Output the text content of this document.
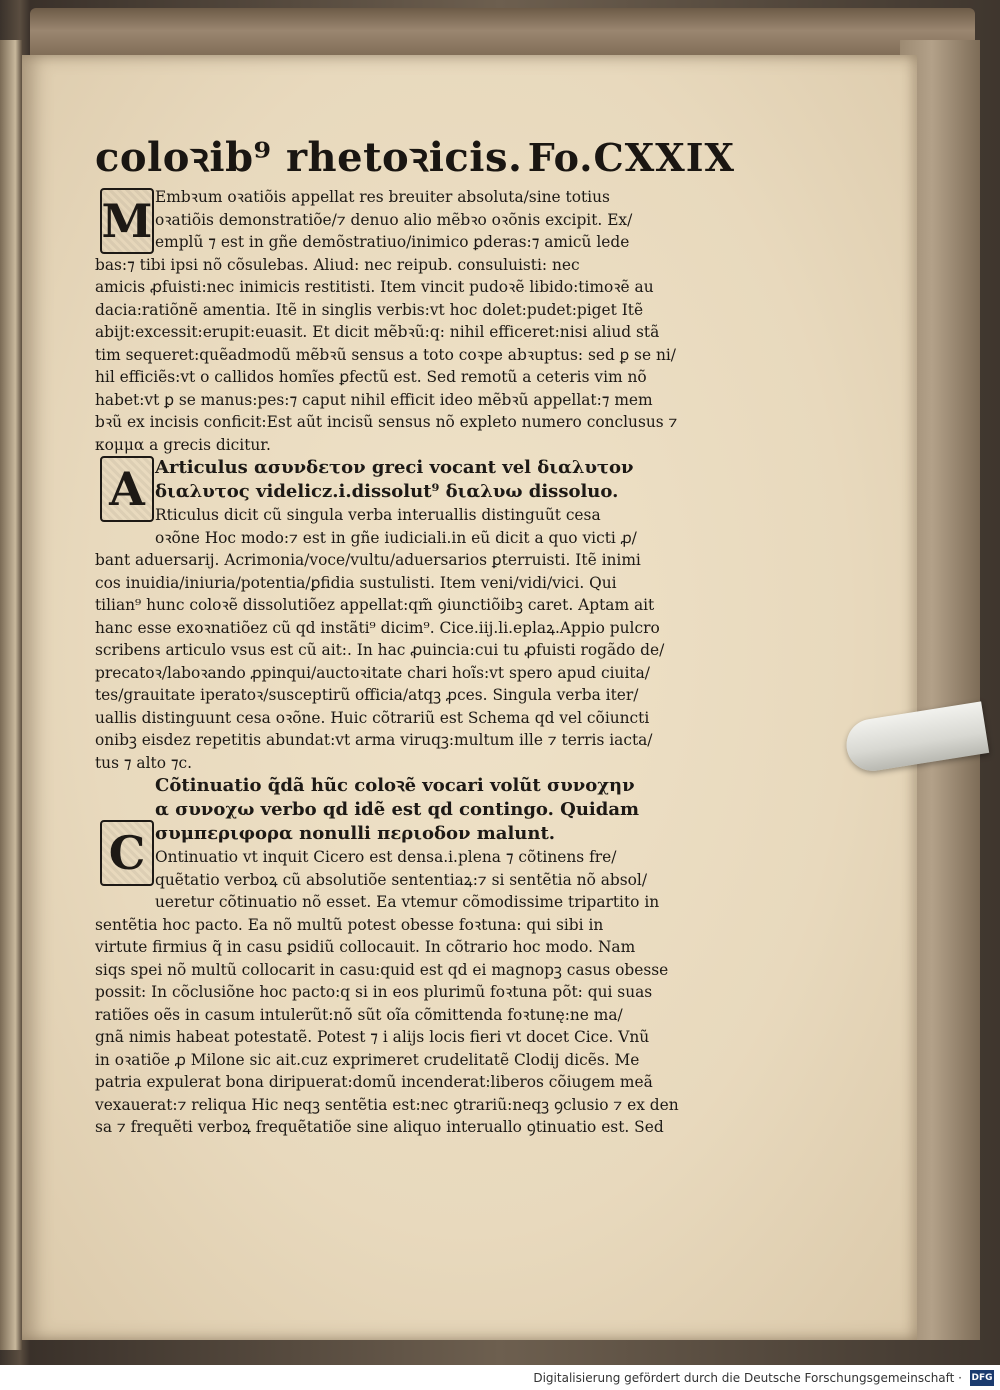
coloꝛib⁹ rhetoꝛicis. Fo.CXXIX
M
A
C
Embꝛum oꝛatiõis appellat res breuiter absoluta/sine totius
oꝛatiõis demonstratiõe/⁊ denuo alio mẽbꝛo oꝛõnis excipit. Ex/
emplũ ⁊ est in gñe demõstratiuo/inimico ꝑderas:⁊ amicũ lede
bas:⁊ tibi ipsi nõ cõsulebas. Aliud: nec reipub. consuluisti: nec
amicis ꝓfuisti:nec inimicis restitisti. Item vincit pudoꝛẽ libido:timoꝛẽ au
dacia:ratiõnẽ amentia. Itẽ in singlis verbis:vt hoc dolet:pudet:piget Itẽ
abijt:excessit:erupit:euasit. Et dicit mẽbꝛũ:q: nihil efficeret:nisi aliud stã
tim sequeret:quẽadmodũ mẽbꝛũ sensus a toto coꝛpe abꝛuptus: sed ꝑ se ni/
hil efficiẽs:vt o callidos homĩes ꝑfectũ est. Sed remotũ a ceteris vim nõ
habet:vt ꝑ se manus:pes:⁊ caput nihil efficit ideo mẽbꝛũ appellat:⁊ mem
bꝛũ ex incisis conficit:Est aũt incisũ sensus nõ expleto numero conclusus ⁊
κομμα a grecis dicitur.
Articulus ασυνδετον greci vocant vel διαλυτον
διαλυτος videlicz.i.dissolut⁹ διαλυω dissoluo.
Rticulus dicit cũ singula verba interuallis distinguũt cesa
oꝛõne Hoc modo:⁊ est in gñe iudiciali.in eũ dicit a quo victi ꝓ/
bant aduersarij. Acrimonia/voce/vultu/aduersarios ꝑterruisti. Itẽ inimi
cos inuidia/iniuria/potentia/ꝑfidia sustulisti. Item veni/vidi/vici. Qui
tilian⁹ hunc coloꝛẽ dissolutiõez appellat:qm̃ ꝯiunctiõibꝫ caret. Aptam ait
hanc esse exoꝛnatiõez cũ qd instãti⁹ dicim⁹. Cice.iij.li.eplaꝝ.Appio pulcro
scribens articulo vsus est cũ ait:. In hac ꝓuincia:cui tu ꝓfuisti rogãdo de/
precatoꝛ/laboꝛando ꝓpinqui/auctoꝛitate chari hoĩs:vt spero apud ciuita/
tes/grauitate iperatoꝛ/susceptirũ officia/atqꝫ ꝓces. Singula verba iter/
uallis distinguunt cesa oꝛõne. Huic cõtrariũ est Schema qd vel cõiuncti
onibꝫ eisdez repetitis abundat:vt arma viruqꝫ:multum ille ⁊ terris iacta/
tus ⁊ alto ⁊c.
Cõtinuatio q̃dã hũc coloꝛẽ vocari volũt συνοχην
α συνοχω verbo qd idẽ est qd contingo. Quidam
συμπεριφορα nonulli περιοδον malunt.
Ontinuatio vt inquit Cicero est densa.i.plena ⁊ cõtinens fre/
quẽtatio verboꝝ cũ absolutiõe sententiaꝝ:⁊ si sentẽtia nõ absol/
ueretur cõtinuatio nõ esset. Ea vtemur cõmodissime tripartito in
sentẽtia hoc pacto. Ea nõ multũ potest obesse foꝛtuna: qui sibi in
virtute firmius q̃ in casu ꝑsidiũ collocauit. In cõtrario hoc modo. Nam
siqs spei nõ multũ collocarit in casu:quid est qd ei magnopꝫ casus obesse
possit: In cõclusiõne hoc pacto:q si in eos plurimũ foꝛtuna põt: qui suas
ratiões oẽs in casum intulerũt:nõ sũt oĩa cõmittenda foꝛtunę:ne ma/
gnã nimis habeat potestatẽ. Potest ⁊ i alijs locis fieri vt docet Cice. Vnũ
in oꝛatiõe ꝓ Milone sic ait.cuz exprimeret crudelitatẽ Clodij dicẽs. Me
patria expulerat bona diripuerat:domũ incenderat:liberos cõiugem meã
vexauerat:⁊ reliqua Hic neqꝫ sentẽtia est:nec ꝯtrariũ:neqꝫ ꝯclusio ⁊ ex den
sa ⁊ frequẽti verboꝝ frequẽtatiõe sine aliquo interuallo ꝯtinuatio est. Sed
Digitalisierung gefördert durch die Deutsche Forschungsgemeinschaft ·	DFG
